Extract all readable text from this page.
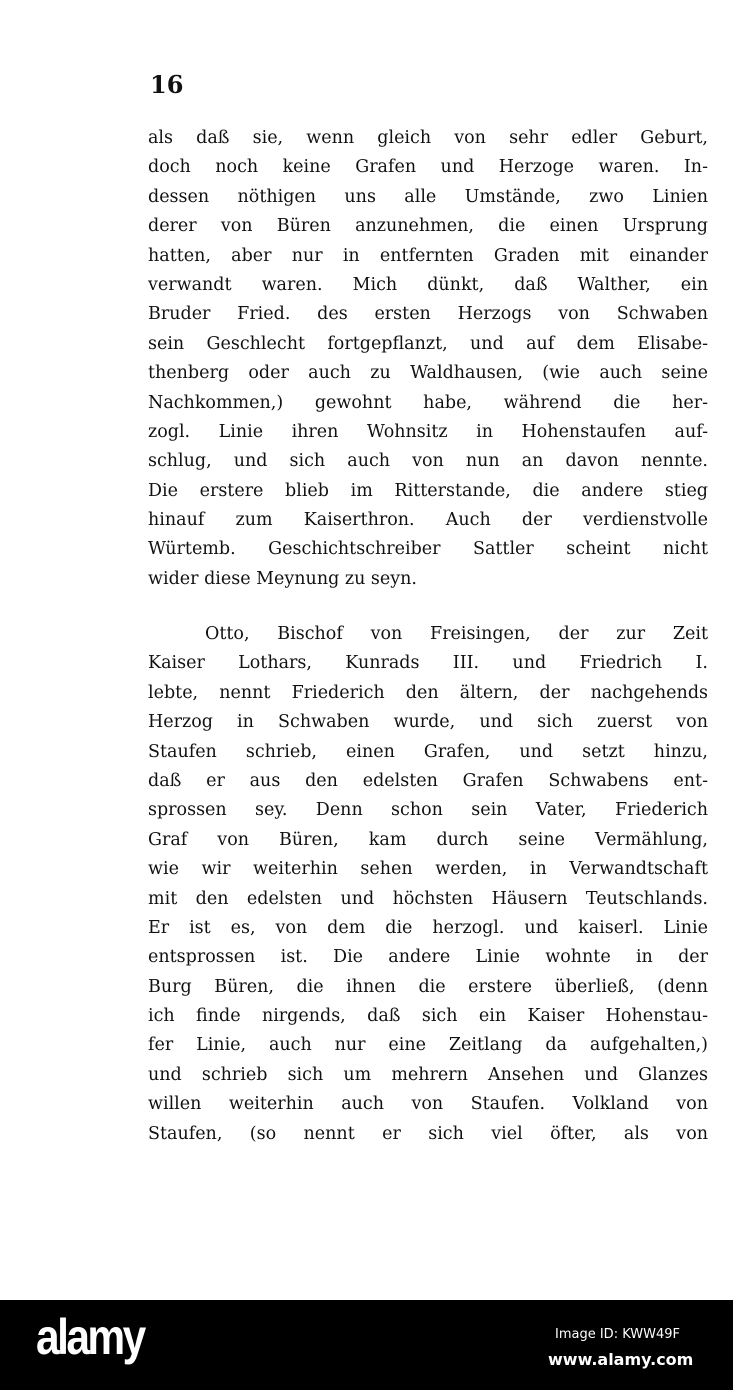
16
als daß sie, wenn gleich von sehr edler Geburt,
doch noch keine Grafen und Herzoge waren. In-
dessen nöthigen uns alle Umstände, zwo Linien
derer von Büren anzunehmen, die einen Ursprung
hatten, aber nur in entfernten Graden mit einander
verwandt waren. Mich dünkt, daß Walther, ein
Bruder Fried. des ersten Herzogs von Schwaben
sein Geschlecht fortgepflanzt, und auf dem Elisabe-
thenberg oder auch zu Waldhausen, (wie auch seine
Nachkommen,) gewohnt habe, während die her-
zogl. Linie ihren Wohnsitz in Hohenstaufen auf-
schlug, und sich auch von nun an davon nennte.
Die erstere blieb im Ritterstande, die andere stieg
hinauf zum Kaiserthron. Auch der verdienstvolle
Würtemb. Geschichtschreiber Sattler scheint nicht
wider diese Meynung zu seyn.
Otto, Bischof von Freisingen, der zur Zeit
Kaiser Lothars, Kunrads III. und Friedrich I.
lebte, nennt Friederich den ältern, der nachgehends
Herzog in Schwaben wurde, und sich zuerst von
Staufen schrieb, einen Grafen, und setzt hinzu,
daß er aus den edelsten Grafen Schwabens ent-
sprossen sey. Denn schon sein Vater, Friederich
Graf von Büren, kam durch seine Vermählung,
wie wir weiterhin sehen werden, in Verwandtschaft
mit den edelsten und höchsten Häusern Teutschlands.
Er ist es, von dem die herzogl. und kaiserl. Linie
entsprossen ist. Die andere Linie wohnte in der
Burg Büren, die ihnen die erstere überließ, (denn
ich finde nirgends, daß sich ein Kaiser Hohenstau-
fer Linie, auch nur eine Zeitlang da aufgehalten,)
und schrieb sich um mehrern Ansehen und Glanzes
willen weiterhin auch von Staufen. Volkland von
Staufen, (so nennt er sich viel öfter, als von
alamy	Image ID: KWW49F
www.alamy.com
